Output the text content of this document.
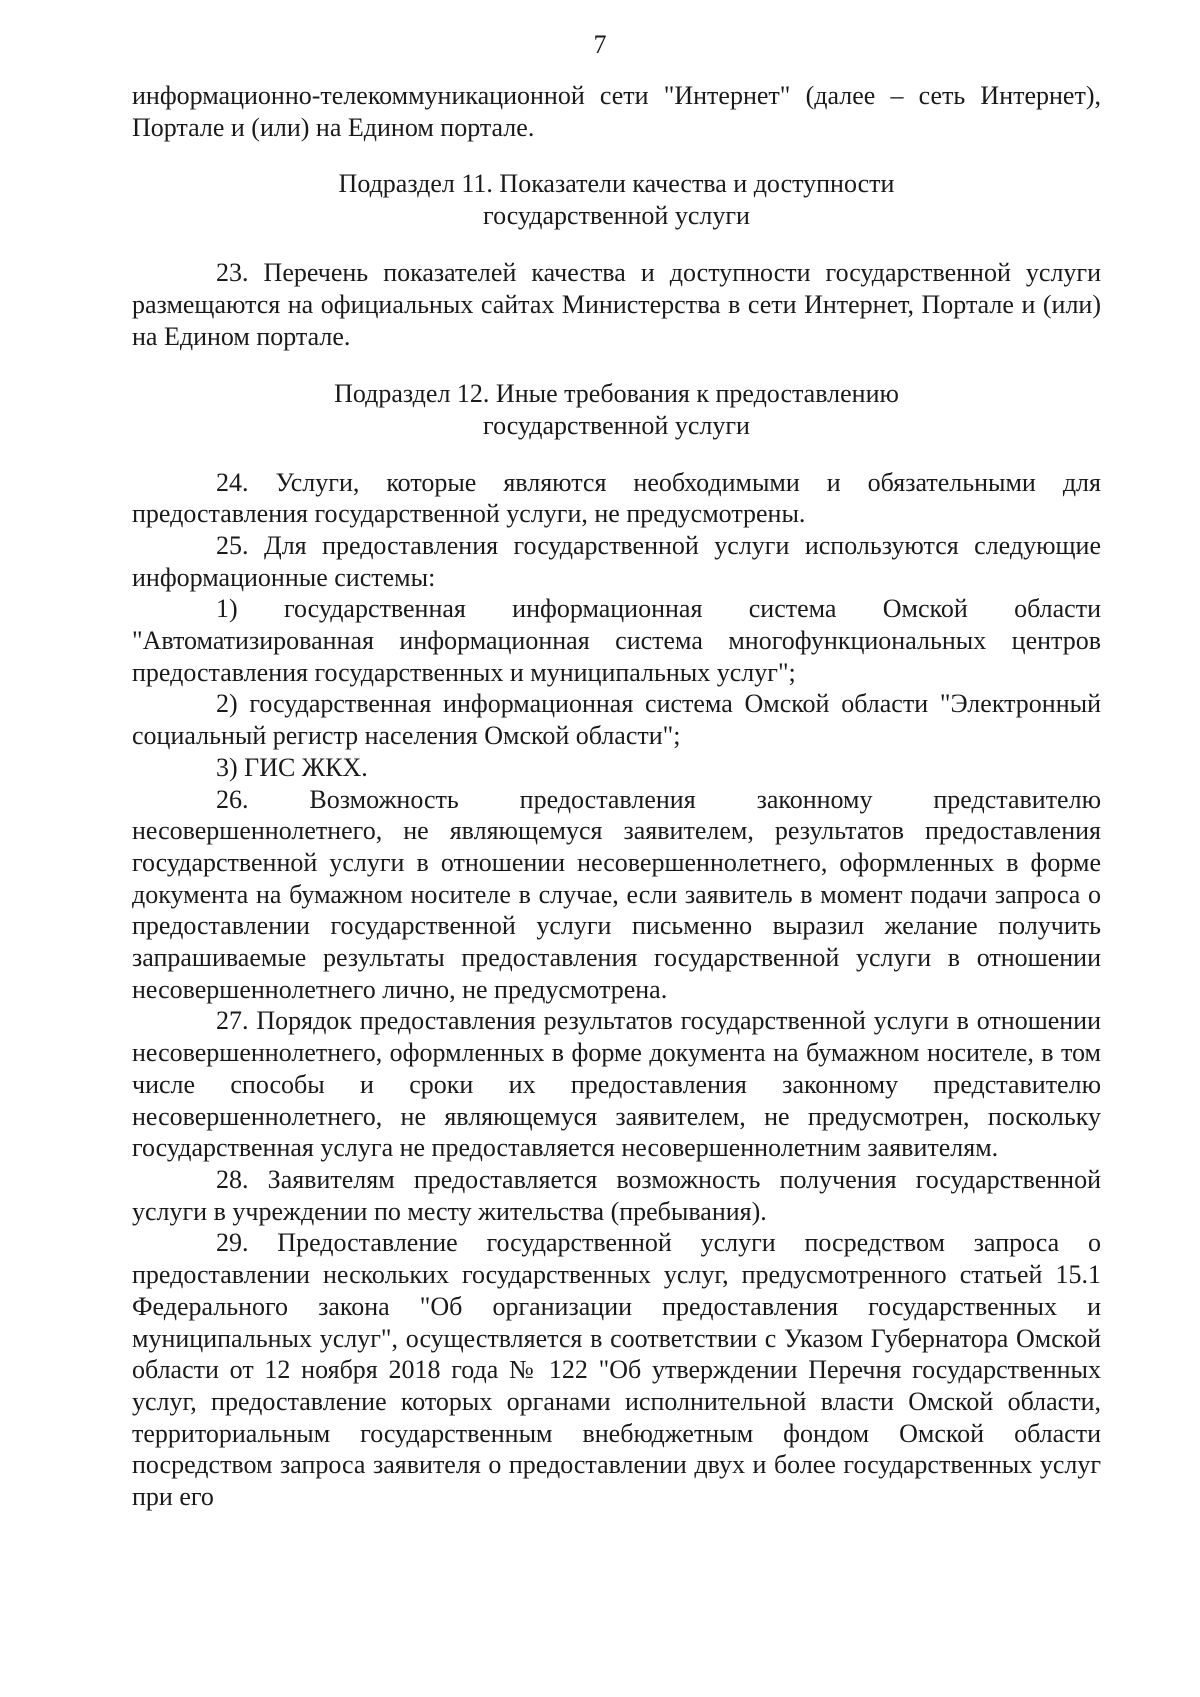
7

информационно-телекоммуникационной сети "Интернет" (далее – сеть Интернет), Портале и (или) на Едином портале.

Подраздел 11. Показатели качества и доступности
государственной услуги

23. Перечень показателей качества и доступности государственной услуги размещаются на официальных сайтах Министерства в сети Интернет, Портале и (или) на Едином портале.

Подраздел 12. Иные требования к предоставлению
государственной услуги

24. Услуги, которые являются необходимыми и обязательными для предоставления государственной услуги, не предусмотрены.

25. Для предоставления государственной услуги используются следующие информационные системы:

1) государственная информационная система Омской области "Автоматизированная информационная система многофункциональных центров предоставления государственных и муниципальных услуг";

2) государственная информационная система Омской области "Электронный социальный регистр населения Омской области";

3) ГИС ЖКХ.

26. Возможность предоставления законному представителю несовершеннолетнего, не являющемуся заявителем, результатов предоставления государственной услуги в отношении несовершеннолетнего, оформленных в форме документа на бумажном носителе в случае, если заявитель в момент подачи запроса о предоставлении государственной услуги письменно выразил желание получить запрашиваемые результаты предоставления государственной услуги в отношении несовершеннолетнего лично, не предусмотрена.

27. Порядок предоставления результатов государственной услуги в отношении несовершеннолетнего, оформленных в форме документа на бумажном носителе, в том числе способы и сроки их предоставления законному представителю несовершеннолетнего, не являющемуся заявителем, не предусмотрен, поскольку государственная услуга не предоставляется несовершеннолетним заявителям.

28. Заявителям предоставляется возможность получения государственной услуги в учреждении по месту жительства (пребывания).

29. Предоставление государственной услуги посредством запроса о предоставлении нескольких государственных услуг, предусмотренного статьей 15.1 Федерального закона "Об организации предоставления государственных и муниципальных услуг", осуществляется в соответствии с Указом Губернатора Омской области от 12 ноября 2018 года № 122 "Об утверждении Перечня государственных услуг, предоставление которых органами исполнительной власти Омской области, территориальным государственным внебюджетным фондом Омской области посредством запроса заявителя о предоставлении двух и более государственных услуг при его
